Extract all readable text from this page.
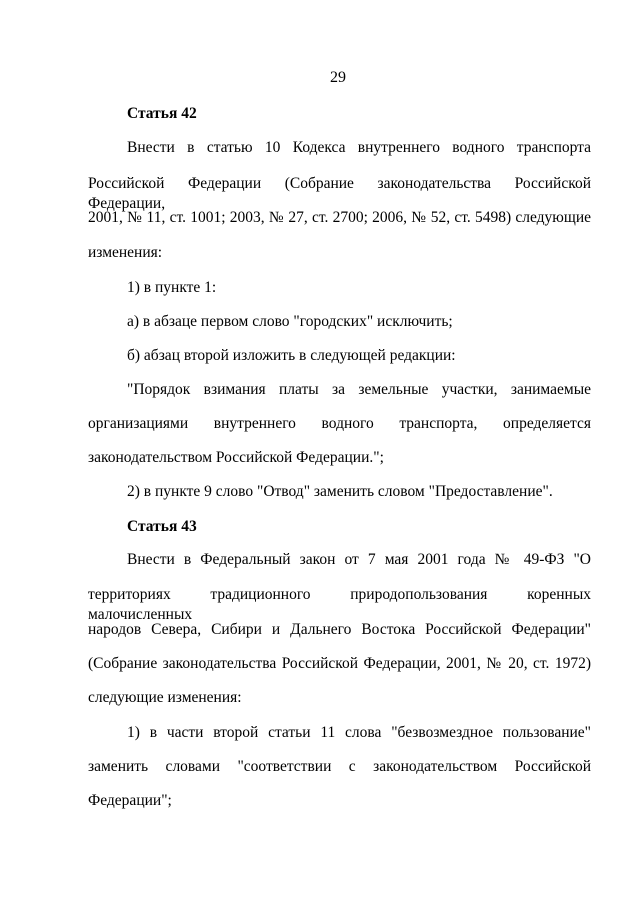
29
Статья 42
Внести в статью 10 Кодекса внутреннего водного транспорта
Российской Федерации (Собрание законодательства Российской Федерации,
2001, № 11, ст. 1001; 2003, № 27, ст. 2700; 2006, № 52, ст. 5498) следующие
изменения:
1) в пункте 1:
а) в абзаце первом слово "городских" исключить;
б) абзац второй изложить в следующей редакции:
"Порядок взимания платы за земельные участки, занимаемые
организациями внутреннего водного транспорта, определяется
законодательством Российской Федерации.";
2) в пункте 9 слово "Отвод" заменить словом "Предоставление".
Статья 43
Внести в Федеральный закон от 7 мая 2001 года № 49-ФЗ "О
территориях традиционного природопользования коренных малочисленных
народов Севера, Сибири и Дальнего Востока Российской Федерации"
(Собрание законодательства Российской Федерации, 2001, № 20, ст. 1972)
следующие изменения:
1) в части второй статьи 11 слова "безвозмездное пользование"
заменить словами "соответствии с законодательством Российской
Федерации";
